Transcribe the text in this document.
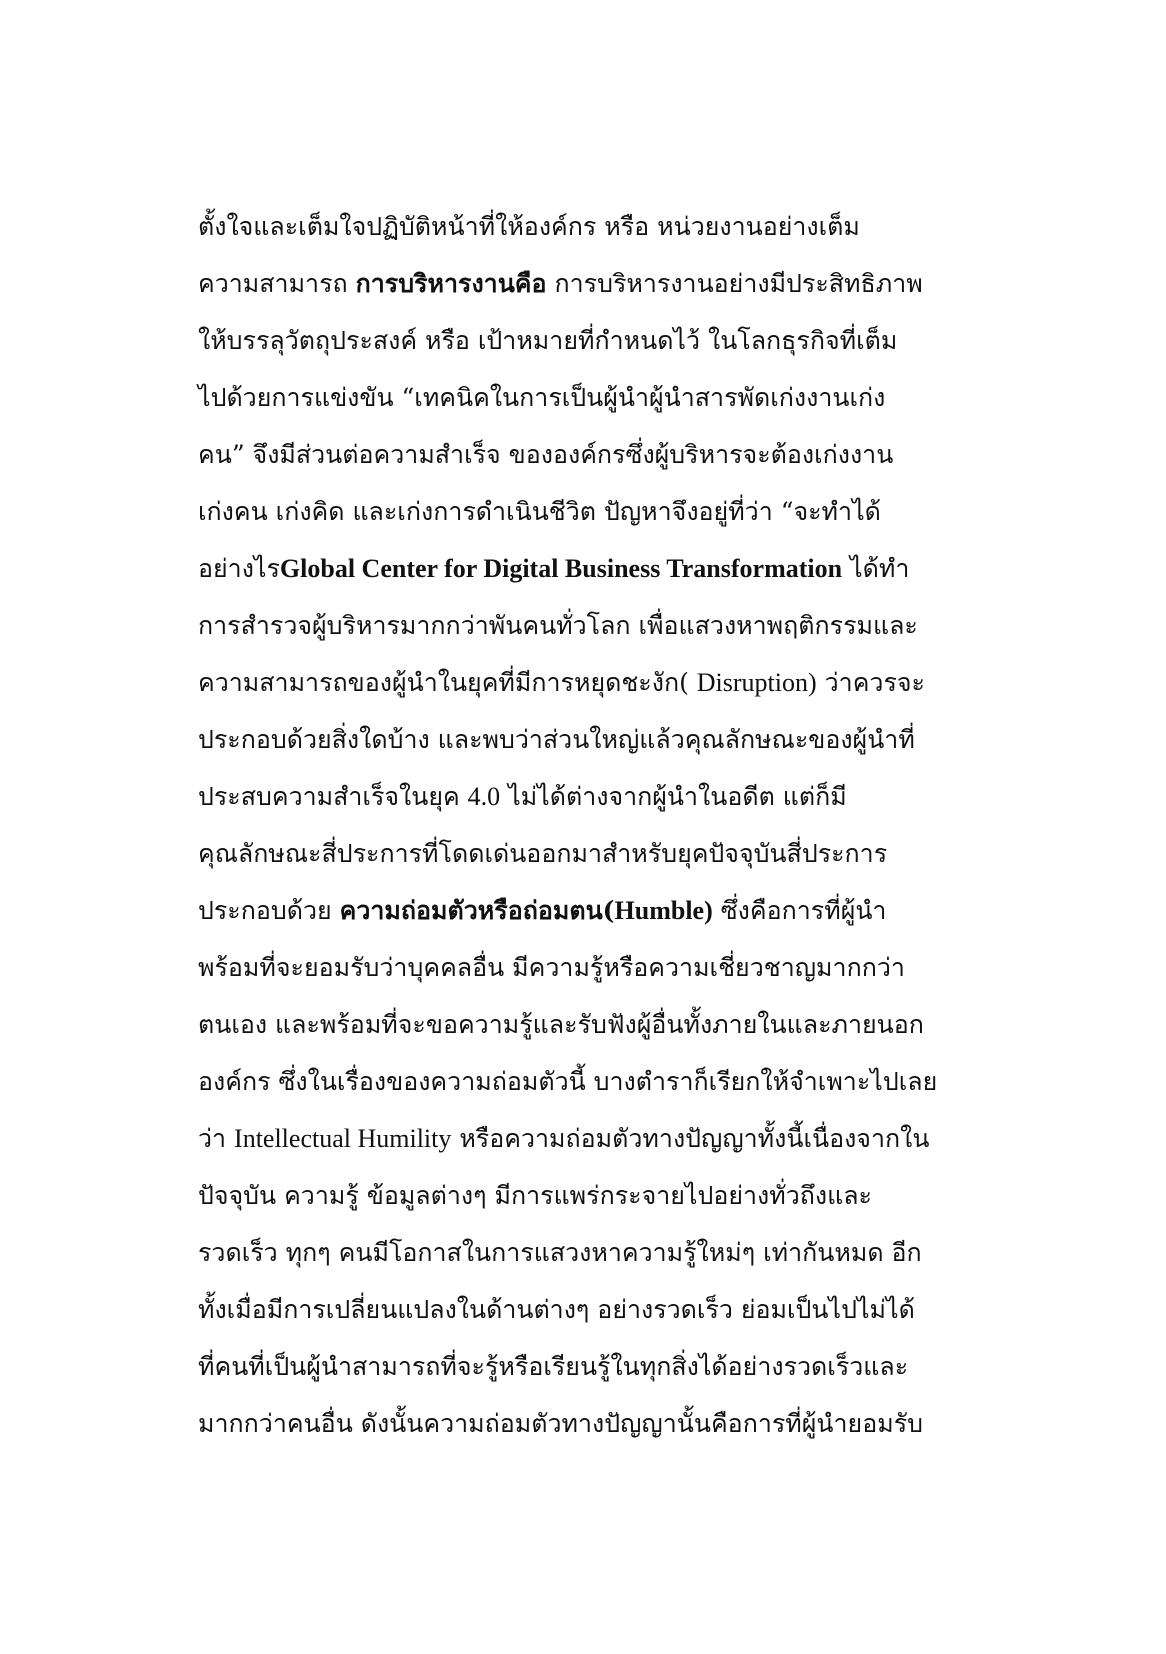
ตั้งใจและเต็มใจปฏิบัติหน้าที่ให้องค์กร หรือ หน่วยงานอย่างเต็ม
ความสามารถ การบริหารงานคือ การบริหารงานอย่างมีประสิทธิภาพ
ให้บรรลุวัตถุประสงค์ หรือ เป้าหมายที่กำหนดไว้ ในโลกธุรกิจที่เต็ม
ไปด้วยการแข่งขัน “เทคนิคในการเป็นผู้นำผู้นำสารพัดเก่งงานเก่ง
คน” จึงมีส่วนต่อความสำเร็จ ขององค์กรซึ่งผู้บริหารจะต้องเก่งงาน
เก่งคน เก่งคิด และเก่งการดำเนินชีวิต ปัญหาจึงอยู่ที่ว่า “จะทำได้
อย่างไรGlobal Center for Digital Business Transformation ได้ทำ
การสำรวจผู้บริหารมากกว่าพันคนทั่วโลก เพื่อแสวงหาพฤติกรรมและ
ความสามารถของผู้นำในยุคที่มีการหยุดชะงัก( Disruption) ว่าควรจะ
ประกอบด้วยสิ่งใดบ้าง และพบว่าส่วนใหญ่แล้วคุณลักษณะของผู้นำที่
ประสบความสำเร็จในยุค 4.0 ไม่ได้ต่างจากผู้นำในอดีต แต่ก็มี
คุณลักษณะสี่ประการที่โดดเด่นออกมาสำหรับยุคปัจจุบันสี่ประการ
ประกอบด้วย ความถ่อมตัวหรือถ่อมตน(Humble) ซึ่งคือการที่ผู้นำ
พร้อมที่จะยอมรับว่าบุคคลอื่น มีความรู้หรือความเชี่ยวชาญมากกว่า
ตนเอง และพร้อมที่จะขอความรู้และรับฟังผู้อื่นทั้งภายในและภายนอก
องค์กร ซึ่งในเรื่องของความถ่อมตัวนี้ บางตำราก็เรียกให้จำเพาะไปเลย
ว่า Intellectual Humility หรือความถ่อมตัวทางปัญญาทั้งนี้เนื่องจากใน
ปัจจุบัน ความรู้ ข้อมูลต่างๆ มีการแพร่กระจายไปอย่างทั่วถึงและ
รวดเร็ว ทุกๆ คนมีโอกาสในการแสวงหาความรู้ใหม่ๆ เท่ากันหมด อีก
ทั้งเมื่อมีการเปลี่ยนแปลงในด้านต่างๆ อย่างรวดเร็ว ย่อมเป็นไปไม่ได้
ที่คนที่เป็นผู้นำสามารถที่จะรู้หรือเรียนรู้ในทุกสิ่งได้อย่างรวดเร็วและ
มากกว่าคนอื่น ดังนั้นความถ่อมตัวทางปัญญานั้นคือการที่ผู้นำยอมรับ
